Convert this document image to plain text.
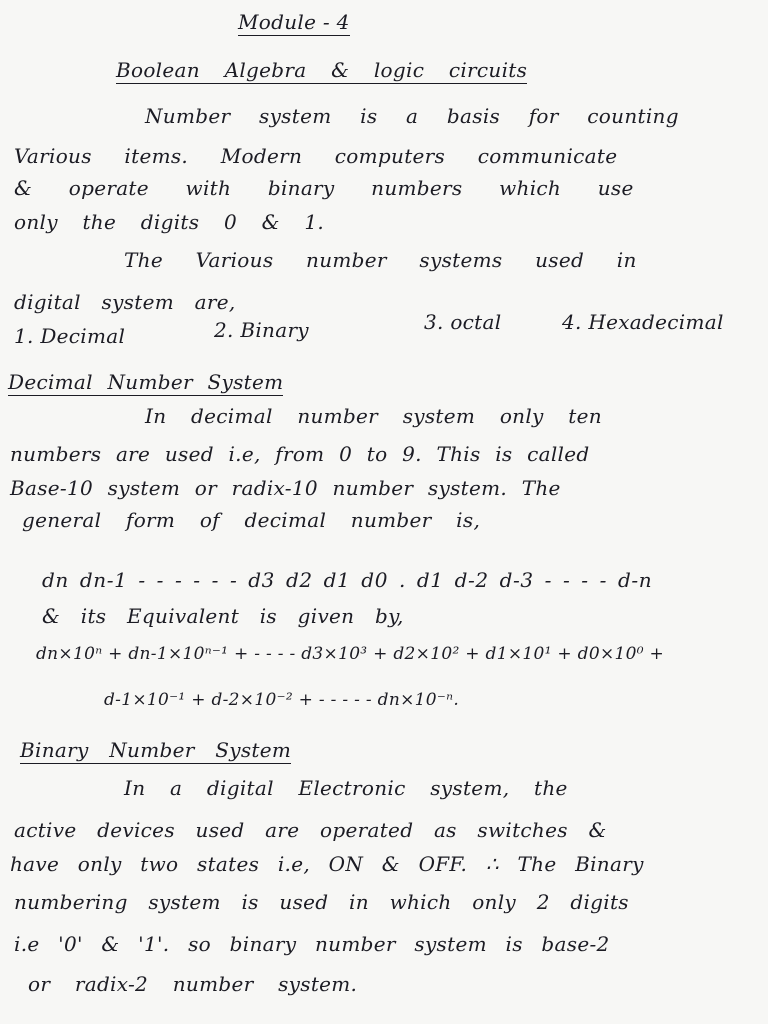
Module - 4
Boolean Algebra & logic circuits
Number system is a basis for counting
Various items. Modern computers communicate
& operate with binary numbers which use
only the digits 0 & 1.
The Various number systems used in
digital system are,
1. Decimal	2. Binary	3. octal	4. Hexadecimal
Decimal Number System
In decimal number system only ten
numbers are used i.e, from 0 to 9. This is called
Base-10 system or radix-10 number system. The
general form of decimal number is,
dn dn-1 - - - - - - d3 d2 d1 d0 . d1 d-2 d-3 - - - - d-n
& its Equivalent is given by,
dn×10ⁿ + dn-1×10ⁿ⁻¹ + - - - - d3×10³ + d2×10² + d1×10¹ + d0×10⁰ +
d-1×10⁻¹ + d-2×10⁻² + - - - - - dn×10⁻ⁿ.
Binary Number System
In a digital Electronic system, the
active devices used are operated as switches &
have only two states i.e, ON & OFF. ∴ The Binary
numbering system is used in which only 2 digits
i.e '0' & '1'. so binary number system is base-2
or radix-2 number system.
